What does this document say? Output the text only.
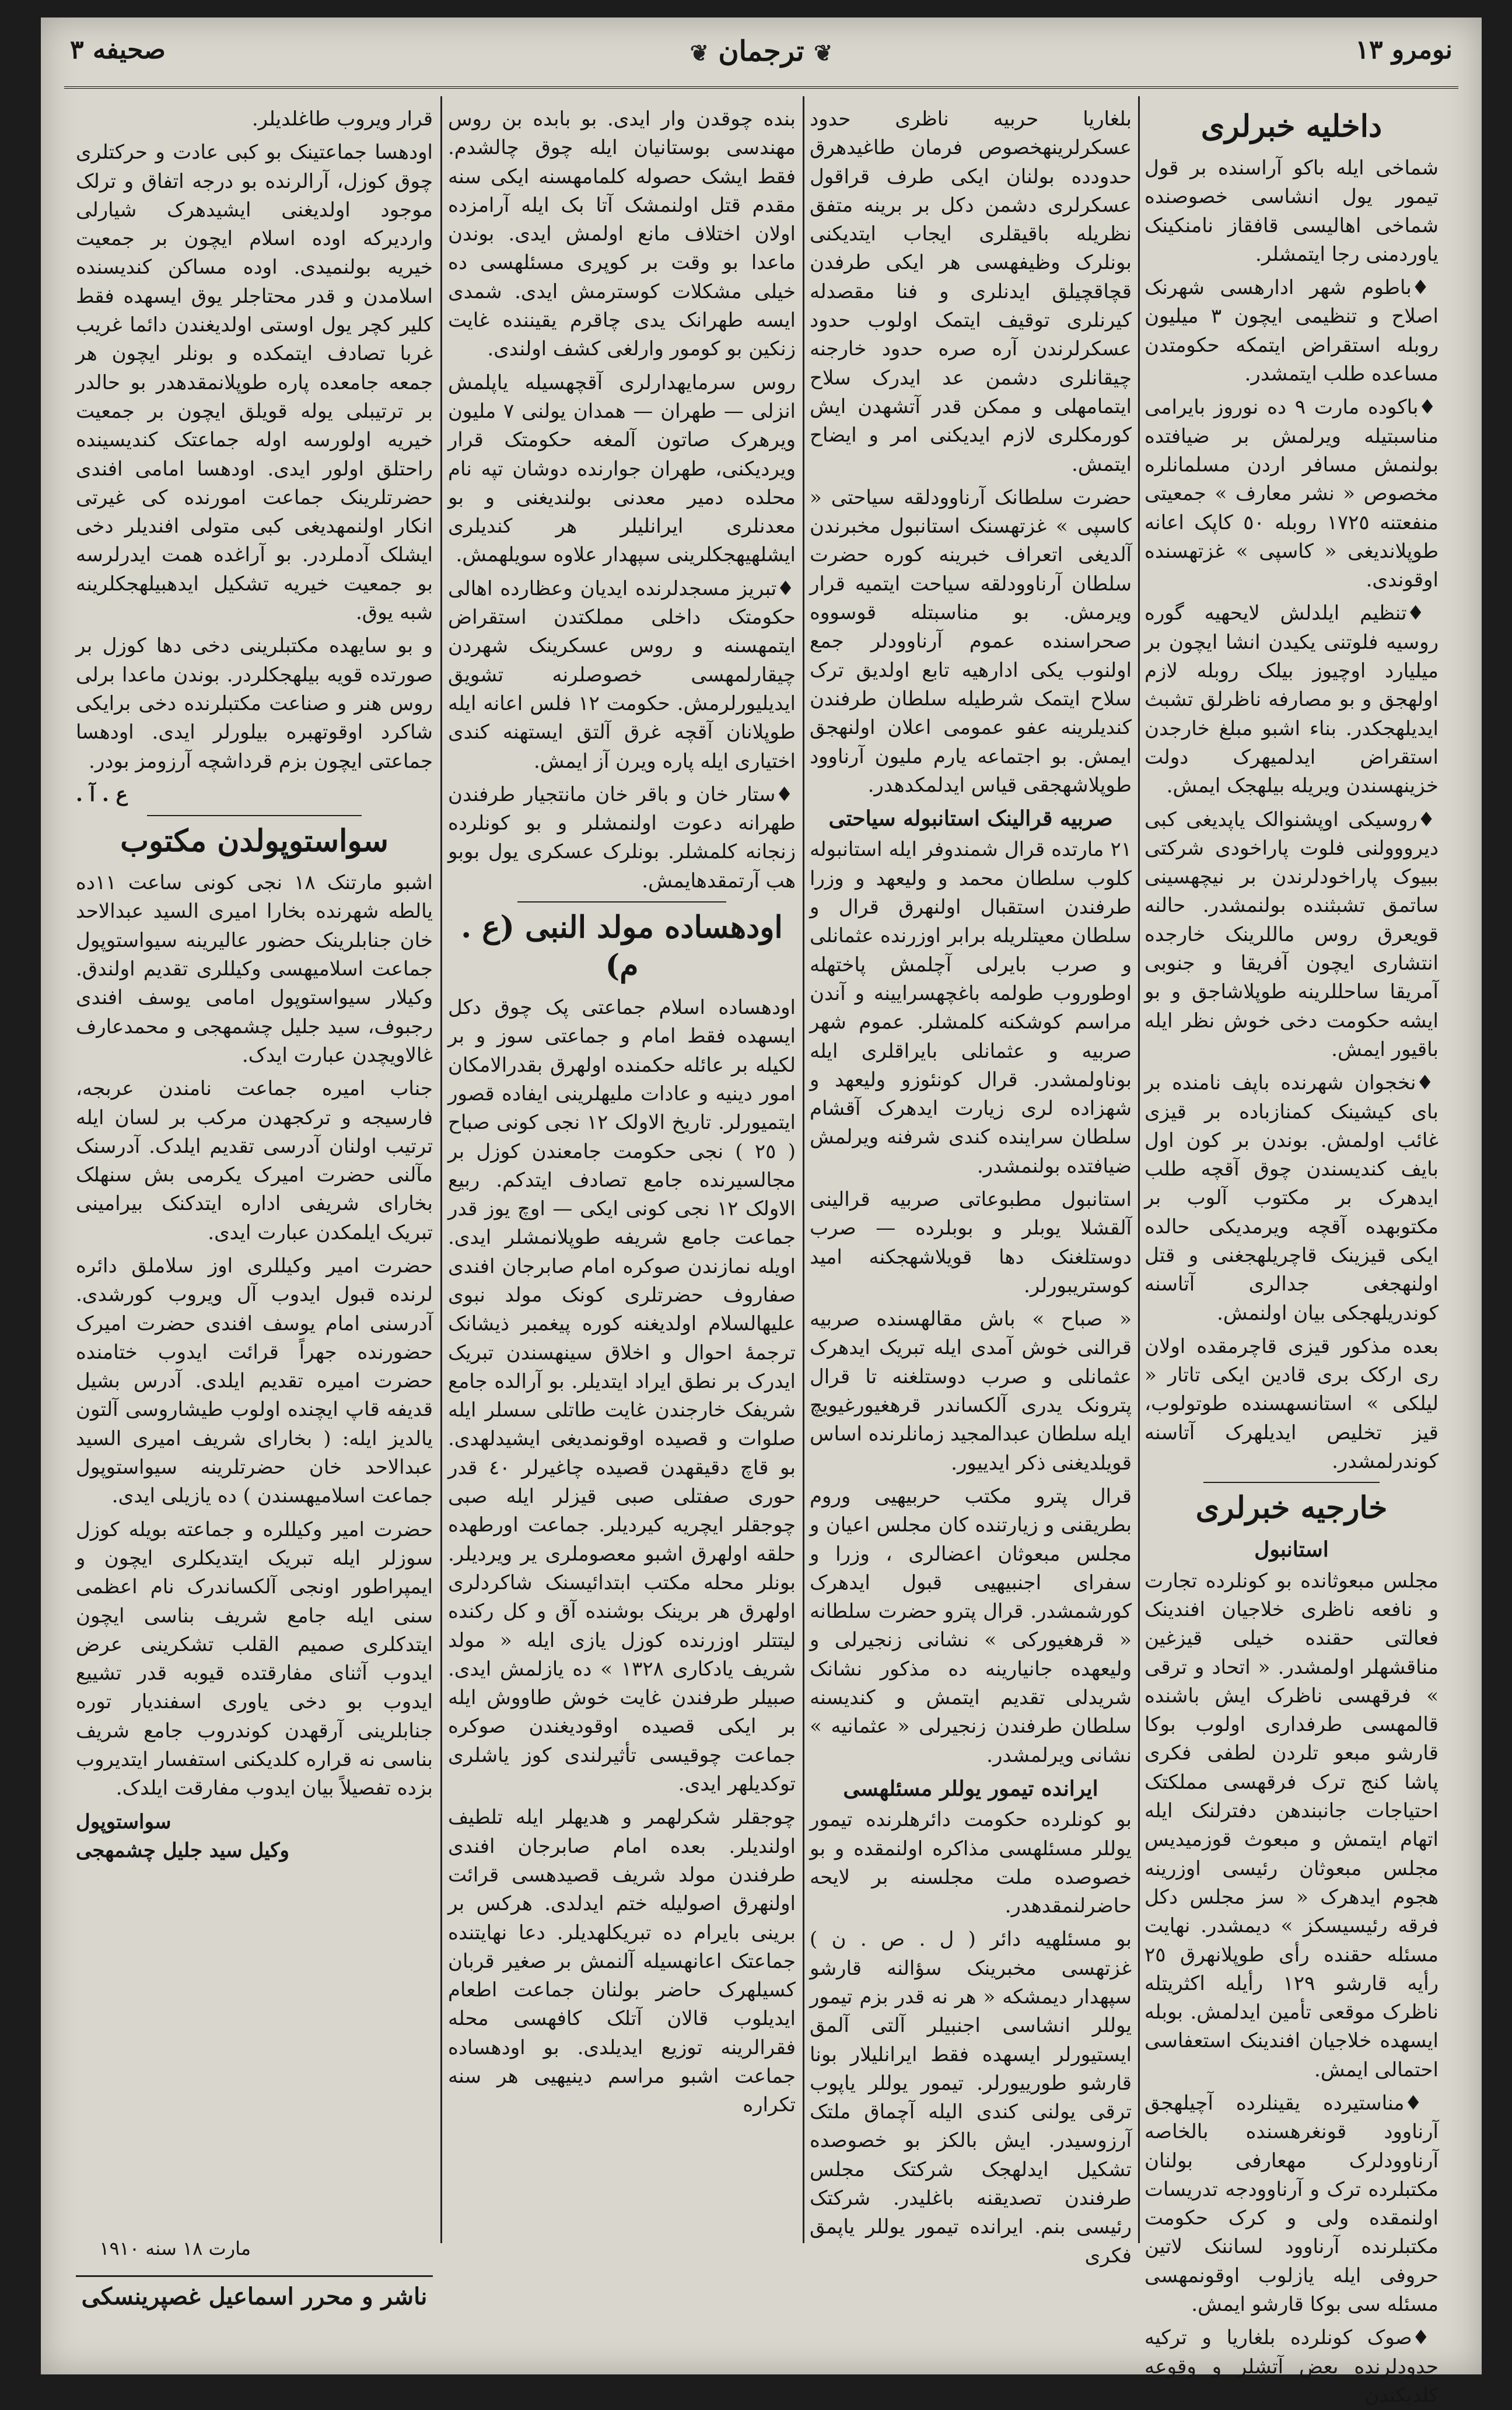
نومرو ١٣
❦ ترجمان ❦
صحیفه ٣
داخلیه خبرلری

شماخی ایله باکو آراسنده بر قول تیمور یول انشاسی خصوصنده شماخی اهالیسی قافقاز نامنکینک یاوردمنی رجا ایتمشلر.

♦ باطوم شهر ادارهسی شهرنک اصلاح و تنظیمی ایچون ٣ میلیون روبله استقراض ایتمکه حکومتدن مساعده طلب ایتمشدر.

♦ باکوده مارت ٩ ده نوروز بایرامی مناسبتیله ویرلمش بر ضیافتده بولنمش مسافر اردن مسلمانلره مخصوص « نشر معارف » جمعیتی منفعتنه ١٧٢٥ روبله ٥٠ کاپک اعانه طوپلاندیغی « کاسپی » غزتهسنده اوقوندی.

♦ تنظیم ایلدلش لایحهیه گوره روسیه فلوتنی یکیدن انشا ایچون بر میلیارد اوچیوز بیلک روبله لازم اولهجق و بو مصارفه ناظرلق تشبث ایدیلهجکدر. بناء اشبو مبلغ خارجدن استقراض ایدلمیهرک دولت خزینهسندن ویریله بیلهجک ایمش.

♦ روسیکی اوپشنوالک یاپدیغی کبی دیرووولنی فلوت پاراخودی شرکتی ببیوک پاراخودلرندن بر نیچهسینی ساتمق تشبثنده بولنمشدر. حالنه قویعرق روس ماللرینک خارجده انتشاری ایچون آفریقا و جنوبی آمریقا ساحللرینه طوپلاشاجق و بو ایشه حکومت دخی خوش نظر ایله باقیور ایمش.

♦ نخجوان شهرنده باپف نامنده بر بای کیشینک کمنازباده بر قیزی غائب اولمش. بوندن بر کون اول بایف کندیسندن چوق آقچه طلب ایدهرک بر مکتوب آلوب بر مکتوبهده آقچه ویرمدیکی حالده ایکی قیزینک قاچریلهجغنی و قتل اولنهجغی جدالری آتاسنه کوندریلهجکی بیان اولنمش.

بعده مذکور قیزی قاچرمقده اولان ری ارکک بری قادین ایکی تاتار « لیلکی » استانسهسنده طوتولوب، قیز تخلیص ایدیلهرک آتاسنه کوندرلمشدر.

خارجیه خبرلری
استانبول

مجلس مبعوثانده بو کونلرده تجارت و نافعه ناظری خلاجیان افندینک فعالتی حقنده خیلی قیزغین مناقشهلر اولمشدر. « اتحاد و ترقی » فرقهسی ناظرک ایش باشنده قالمهسی طرفداری اولوب بوکا قارشو مبعو تلردن لطفی فکری پاشا کنج ترک فرقهسی مملکتک احتیاجات جانبندهن دفترلنک ایله اتهام ایتمش و مبعوث قوزمیدیس مجلس مبعوثان رئیسی اوزرینه هجوم ایدهرک « سز مجلس دکل فرقه رئیسیسکز » دیمشدر. نهایت مسئله حقنده رأی طوپلانهرق ٢٥ رأیه قارشو ١٢٩ رأیله اکثریتله ناظرک موقعی تأمین ایدلمش. بوبله ایسهده خلاجیان افندینک استعفاسی احتمالی ایمش.

♦ مناستیرده یقینلرده آچیلهجق آرناوود قونغرهسنده بالخاصه آرناوودلرک مهعارفی بولنان مکتبلرده ترک و آرناوودجه تدریسات اولنمقده ولی و کرک حکومت مکتبلرنده آرناوود لساننک لاتین حروفی ایله یازلوب اوقونمهسی مسئله سی بوکا قارشو ایمش.

♦ صوک کونلرده بلغاریا و ترکیه حدودلرنده بعض آتشلر و وقوعه کلدیکندن

بلغاریا حربیه ناظری حدود عسکرلرینهخصوص فرمان طاغیدهرق حدودده بولنان ایکی طرف قراقول عسکرلری دشمن دکل بر برینه متفق نظریله باقیقلری ایجاب ایتدیکنی بونلرک وظیفهسی هر ایکی طرفدن قچاقچیلق ایدنلری و فنا مقصدله کیرنلری توقیف ایتمک اولوب حدود عسکرلرندن آره صره حدود خارجنه چیقانلری دشمن عد ایدرک سلاح ایتمامهلی و ممکن قدر آتشهدن ایش کورمکلری لازم ایدیکنی امر و ایضاح ایتمش.

حضرت سلطانک آرناوودلقه سیاحتی « کاسپی » غزتهسنک استانبول مخبرندن آلدیغی اتعراف خبرینه کوره حضرت سلطان آرناوودلقه سیاحت ایتمیه قرار ویرمش. بو مناسبتله قوسووه صحراسنده عموم آرناوودلر جمع اولنوب یکی ادارهیه تابع اولدیق ترک سلاح ایتمک شرطیله سلطان طرفندن کندیلرینه عفو عمومی اعلان اولنهجق ایمش. بو اجتماعه یارم ملیون آرناوود طوپلاشهجقی قیاس ایدلمکدهدر.

صربیه قرالینک استانبوله سیاحتی

٢١ مارتده قرال شمندوفر ایله استانبوله کلوب سلطان محمد و ولیعهد و وزرا طرفندن استقبال اولنهرق قرال و سلطان معیتلریله برابر اوزرنده عثمانلی و صرب بایرلی آچلمش پاختهله اوطوروب طولمه باغچهسرایینه و آندن مراسم کوشکنه کلمشلر. عموم شهر صربیه و عثمانلی بایراقلری ایله بوناولمشدر. قرال کونئوزو ولیعهد و شهزاده لری زیارت ایدهرک آقشام سلطان سراینده کندی شرفنه ویرلمش ضیافتده بولنمشدر.

استانبول مطبوعاتی صربیه قرالینی آلقشلا یوبلر و بوبلرده — صرب دوستلغنک دها قویلاشهجکنه امید کوستریبورلر.

« صباح » باش مقالهسنده صربیه قرالنی خوش آمدی ایله تبریک ایدهرک عثمانلی و صرب دوستلغنه تا قرال پترونک یدری آلکساندر قرهغیورغیویچ ایله سلطان عبدالمجید زمانلرنده اساس قویلدیغنی ذکر ایدییور.

قرال پترو مکتب حربیهیی وروم بطریقنی و زیارتنده کان مجلس اعیان و مجلس مبعوثان اعضالری ، وزرا و سفرای اجنبیهیی قبول ایدهرک کورشمشدر. قرال پترو حضرت سلطانه « قرهغیورکی » نشانی زنجیرلی و ولیعهده جانیارینه ده مذکور نشانک شریدلی تقدیم ایتمش و کندیسنه سلطان طرفندن زنجیرلی « عثمانیه » نشانی ویرلمشدر.

ایرانده تیمور یوللر مسئلهسی

بو کونلرده حکومت دائرهلرنده تیمور یوللر مسئلهسی مذاکره اولنمقده و بو خصوصده ملت مجلسنه بر لایحه حاضرلنمقدهدر.

بو مسئلهیه دائر ( ل . ص . ن ) غزتهسی مخبرینک سؤالنه قارشو سپهدار دیمشکه « هر نه قدر بزم تیمور یوللر انشاسی اجنبیلر آلتی آلمق ایستیورلر ایسهده فقط ایرانلیلار بونا قارشو طورییورلر. تیمور یوللر یاپوب ترقی یولنی کندی الیله آچماق ملتک آرزوسیدر. ایش بالکز بو خصوصده تشکیل ایدلهجک شرکتک مجلس طرفندن تصدیقنه باغلیدر. شرکتک رئیسی بنم. ایرانده تیمور یوللر یاپمق فکری

بنده چوقدن وار ایدی. بو بابده بن روس مهندسی بوستانیان ایله چوق چالشدم. فقط ایشک حصوله کلمامهسنه ایکی سنه مقدم قتل اولنمشک آتا بک ایله آرامزده اولان اختلاف مانع اولمش ایدی. بوندن ماعدا بو وقت بر کوپری مسئلهسی ده خیلی مشکلات کوسترمش ایدی. شمدی ایسه طهرانک یدی چاقرم یقیننده غایت زنکین بو کومور وارلغی کشف اولندی.

روس سرمایهدارلری آقچهسیله یاپلمش انزلی — طهران — همدان یولنی ٧ ملیون ویرهرک صاتون آلمغه حکومتک قرار ویردیکنی، طهران جوارنده دوشان تپه نام محلده دمیر معدنی بولندیغنی و بو معدنلری ایرانلیلر هر کندیلری ایشلهیهجکلرینی سپهدار علاوه سویلهمش.

♦ تبریز مسجدلرنده ایدیان وعظارده اهالی حکومتک داخلی مملکتدن استقراض ایتمهسنه و روس عسکرینک شهردن چیقارلمهسی خصوصلرنه تشویق ایدیلیورلرمش. حکومت ١٢ فلس اعانه ایله طوپلانان آقچه غرق آلتق ایستهنه کندی اختیاری ایله پاره ویرن آز ایمش.

♦ ستار خان و باقر خان مانتجیار طرفندن طهرانه دعوت اولنمشلر و بو کونلرده زنجانه کلمشلر. بونلرک عسکری یول بوبو هب آرتمقدهایمش.

اودهساده مولد النبی (ع . م)

اودهساده اسلام جماعتی پک چوق دکل ایسهده فقط امام و جماعتی سوز و بر لکیله بر عائله حکمنده اولهرق بقدرالامکان امور دینیه و عادات ملیهلرینی ایفاده قصور ایتمیورلر. تاریخ الاولک ١٢ نجی کونی صباح ( ٢٥ ) نجی حکومت جامعندن کوزل بر مجالسیرنده جامع تصادف ایتدکم. ربیع الاولک ١٢ نجی کونی ایکی — اوچ یوز قدر جماعت جامع شریفه طوپلانمشلر ایدی. اویله نمازندن صوکره امام صابرجان افندی صفاروف حضرتلری کونک مولد نبوی علیهالسلام اولدیغنه کوره پیغمبر ذیشانک ترجمهٔ احوال و اخلاق سینهسندن تبریک ایدرک بر نطق ایراد ایتدیلر. بو آرالده جامع شریفک خارجندن غایت طاتلی سسلر ایله صلوات و قصیده اوقونمدیغی ایشیدلهدی. بو قاچ دقیقهدن قصیده چاغیرلر ٤٠ قدر حوری صفتلی صبی قیزلر ایله صبی چوجقلر ایچریه کیردیلر. جماعت اورطهده حلقه اولهرق اشبو معصوملری یر ویردیلر. بونلر محله مکتب ابتدائیسنک شاکردلری اولهرق هر برینک بوشنده آق و کل رکنده لیتتلر اوزرنده کوزل یازی ایله « مولد شریف یادکاری ١٣٢٨ » ده یازلمش ایدی. صبیلر طرفندن غایت خوش طاووش ایله بر ایکی قصیده اوقودیغندن صوکره جماعت چوقیسی تأثیرلندی کوز یاشلری توکدیلهر ایدی.

چوجقلر شکرلهمر و هدیهلر ایله تلطیف اولندیلر. بعده امام صابرجان افندی طرفندن مولد شریف قصیدهسی قرائت اولنهرق اصولیله ختم ایدلدی. هرکس بر برینی بایرام ده تبریکلهدیلر. دعا نهایتنده جماعتک اعانهسیله آلنمش بر صغیر قربان کسیلهرک حاضر بولنان جماعت اطعام ایدیلوب قالان آتلک کافهسی محله فقرالرینه توزیع ایدیلدی. بو اودهساده جماعت اشبو مراسم دینیهیی هر سنه تکراره

قرار ویروب طاغلدیلر.

اودهسا جماعتینک بو کبی عادت و حرکتلری چوق کوزل، آرالرنده بو درجه اتفاق و ترلک موجود اولدیغنی ایشیدهرک شیارلی واردیرکه اوده اسلام ایچون بر جمعیت خیریه بولنمیدی. اوده مساکن کندیسنده اسلامدن و قدر محتاجلر یوق ایسهده فقط کلیر کچر یول اوستی اولدیغندن دائما غریب غربا تصادف ایتمکده و بونلر ایچون هر جمعه جامعده پاره طوپلانمقدهدر بو حالدر بر ترتیبلی یوله قویلق ایچون بر جمعیت خیریه اولورسه اوله جماعتک کندیسینده راحتلق اولور ایدی. اودهسا امامی افندی حضرتلرینک جماعت امورنده کی غیرتی انکار اولنمهدیغی کبی متولی افندیلر دخی ایشلک آدملردر. بو آراغده همت ایدرلرسه بو جمعیت خیریه تشکیل ایدهبیلهجکلرینه شبه یوق.

و بو سایهده مکتبلرینی دخی دها کوزل بر صورتده قویه بیلهجکلردر. بوندن ماعدا برلی روس هنر و صناعت مکتبلرنده دخی برایکی شاکرد اوقوتهبره بیلورلر ایدی. اودهسا جماعتی ایچون بزم قرداشچه آرزومز بودر.

ع . آ .
سواستوپولدن مکتوب

اشبو مارتنک ١٨ نجی کونی ساعت ١١ده یالطه شهرنده بخارا امیری السید عبدالاحد خان جنابلرینک حضور عالیرینه سیواستوپول جماعت اسلامیهسی وکیللری تقدیم اولندق. وکیلار سیواستوپول امامی یوسف افندی رجبوف، سید جلیل چشمهجی و محمدعارف غالاویچدن عبارت ایدک.

جناب امیره جماعت نامندن عربجه، فارسیجه و ترکجهدن مرکب بر لسان ایله ترتیب اولنان آدرسی تقدیم ایلدک. آدرسنک مآلنی حضرت امیرک یکرمی بش سنهلک بخارای شریفی اداره ایتدکنک بیرامینی تبریک ایلمکدن عبارت ایدی.

حضرت امیر وکیللری اوز سلاملق دائره لرنده قبول ایدوب آل ویروب کورشدی. آدرسنی امام یوسف افندی حضرت امیرک حضورنده جهراً قرائت ایدوب ختامنده حضرت امیره تقدیم ایلدی. آدرس بشیل قدیفه قاپ ایچنده اولوب طیشاروسی آلتون یالدیز ایله: ( بخارای شریف امیری السید عبدالاحد خان حضرتلرینه سیواستوپول جماعت اسلامیهسندن ) ده یازیلی ایدی.

حضرت امیر وکیللره و جماعته بویله کوزل سوزلر ایله تبریک ایتدیکلری ایچون و ایمپراطور اونجی آلکساندرک نام اعظمی سنی ایله جامع شریف بناسی ایچون ایتدکلری صمیم القلب تشکرینی عرض ایدوب آثنای مفارقتده قیوبه قدر تشییع ایدوب بو دخی یاوری اسفندیار توره جنابلرینی آرقهدن کوندروب جامع شریف بناسی نه قراره کلدیکنی استفسار ایتدیروب بزده تفصیلاً بیان ایدوب مفارقت ایلدک.

سواستوپول
وکیل سید جلیل چشمهجی
مارت ١٨ سنه ١٩١٠
ناشر و محرر اسماعیل غصپرینسکی
